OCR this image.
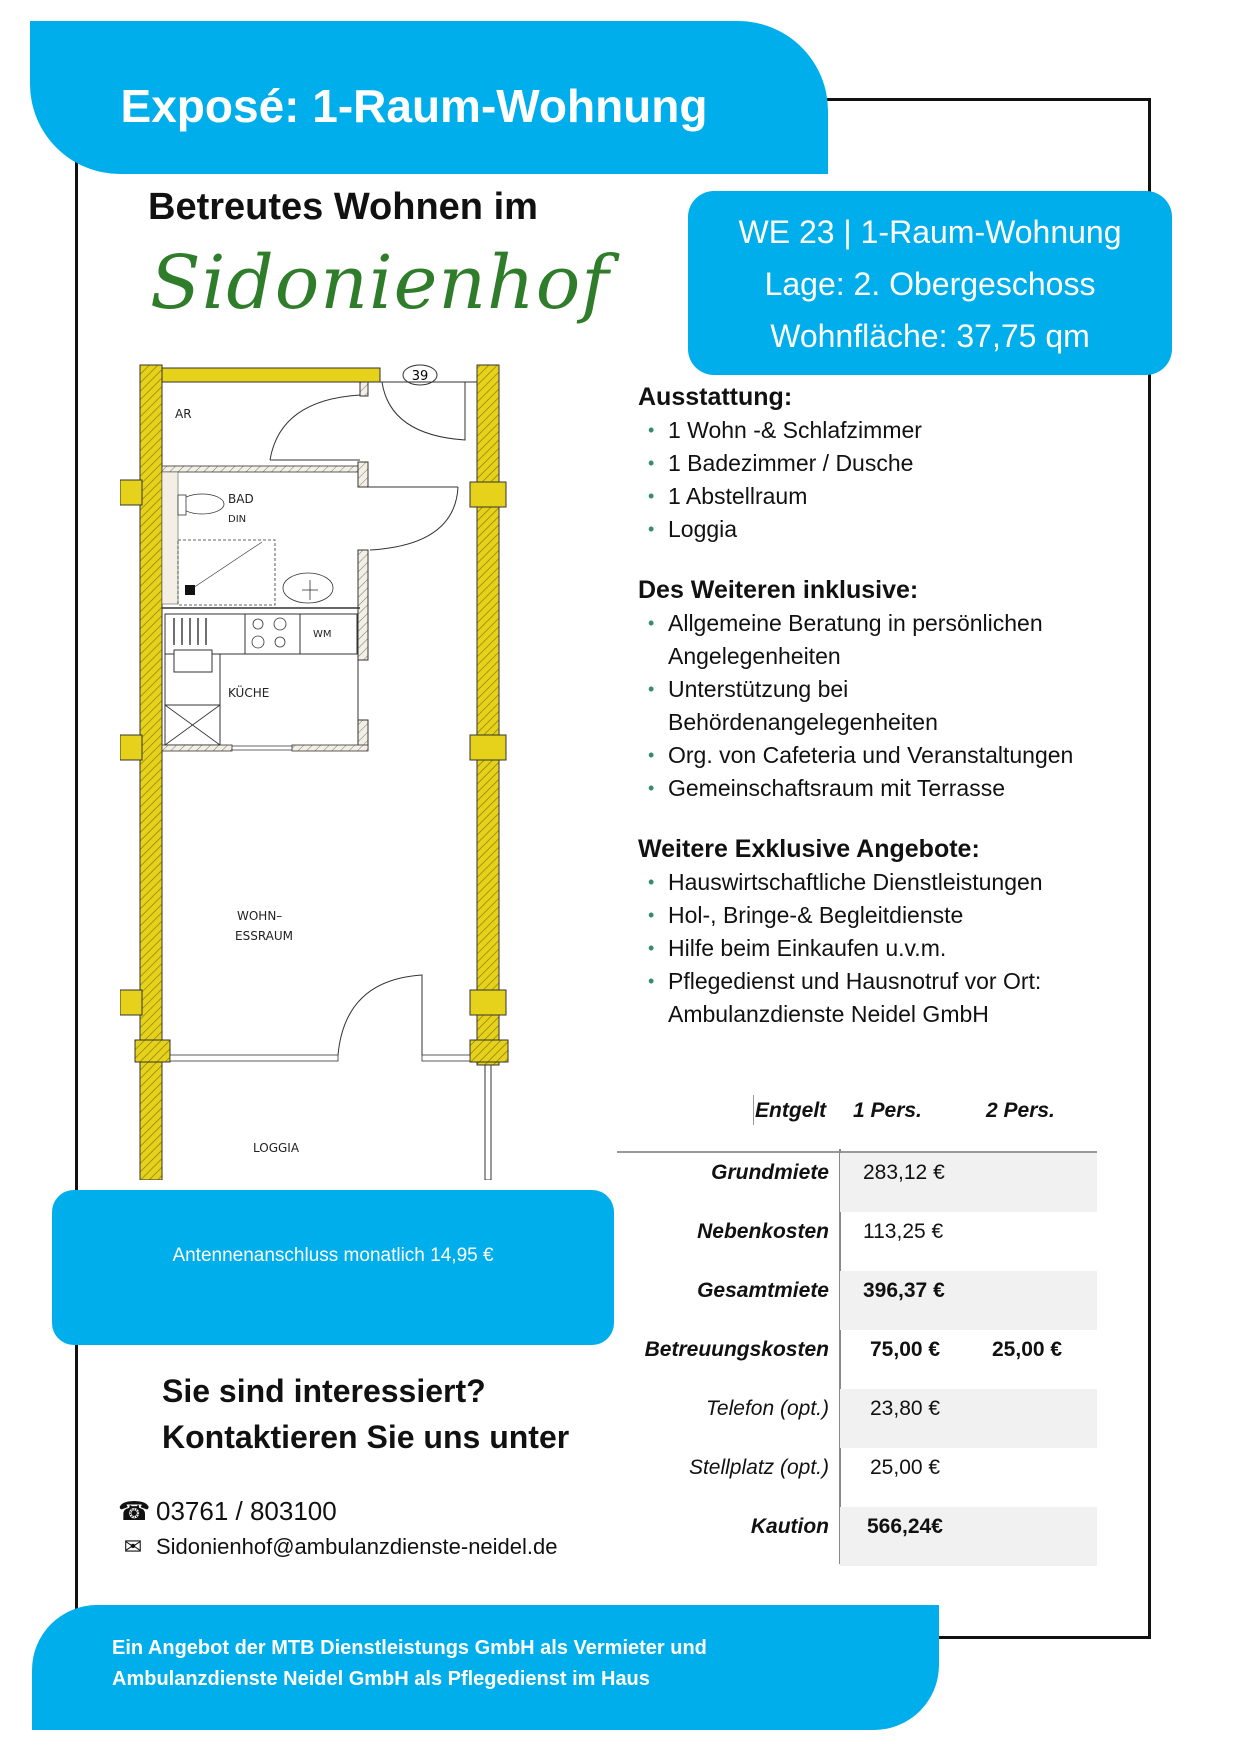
Exposé: 1-Raum-Wohnung
Betreutes Wohnen im
Sidonienhof
WE 23 | 1-Raum-Wohnung
Lage: 2. Obergeschoss
Wohnfläche: 37,75 qm
39
AR
BAD
DIN
WM
KÜCHE
WOHN–
ESSRAUM
LOGGIA
Ausstattung:
• 1 Wohn -& Schlafzimmer
• 1 Badezimmer / Dusche
• 1 Abstellraum
• Loggia
Des Weiteren inklusive:
• Allgemeine Beratung in persönlichen Angelegenheiten
• Unterstützung bei Behördenangelegenheiten
• Org. von Cafeteria und Veranstaltungen
• Gemeinschaftsraum mit Terrasse
Weitere Exklusive Angebote:
• Hauswirtschaftliche Dienstleistungen
• Hol-, Bringe-& Begleitdienste
• Hilfe beim Einkaufen u.v.m.
• Pflegedienst und Hausnotruf vor Ort: Ambulanzdienste Neidel GmbH
Entgelt 1 Pers.	2 Pers.
Grundmiete 283,12 €
Nebenkosten 113,25 €
Gesamtmiete 396,37 €
Betreuungskosten 75,00 € 25,00 €
Telefon (opt.) 23,80 €
Stellplatz (opt.) 25,00 €
Kaution 566,24€
Antennenanschluss monatlich 14,95 €
Sie sind interessiert?
Kontaktieren Sie uns unter
☎ 03761 / 803100
✉ Sidonienhof@ambulanzdienste-neidel.de
Ein Angebot der MTB Dienstleistungs GmbH als Vermieter und
Ambulanzdienste Neidel GmbH als Pflegedienst im Haus
